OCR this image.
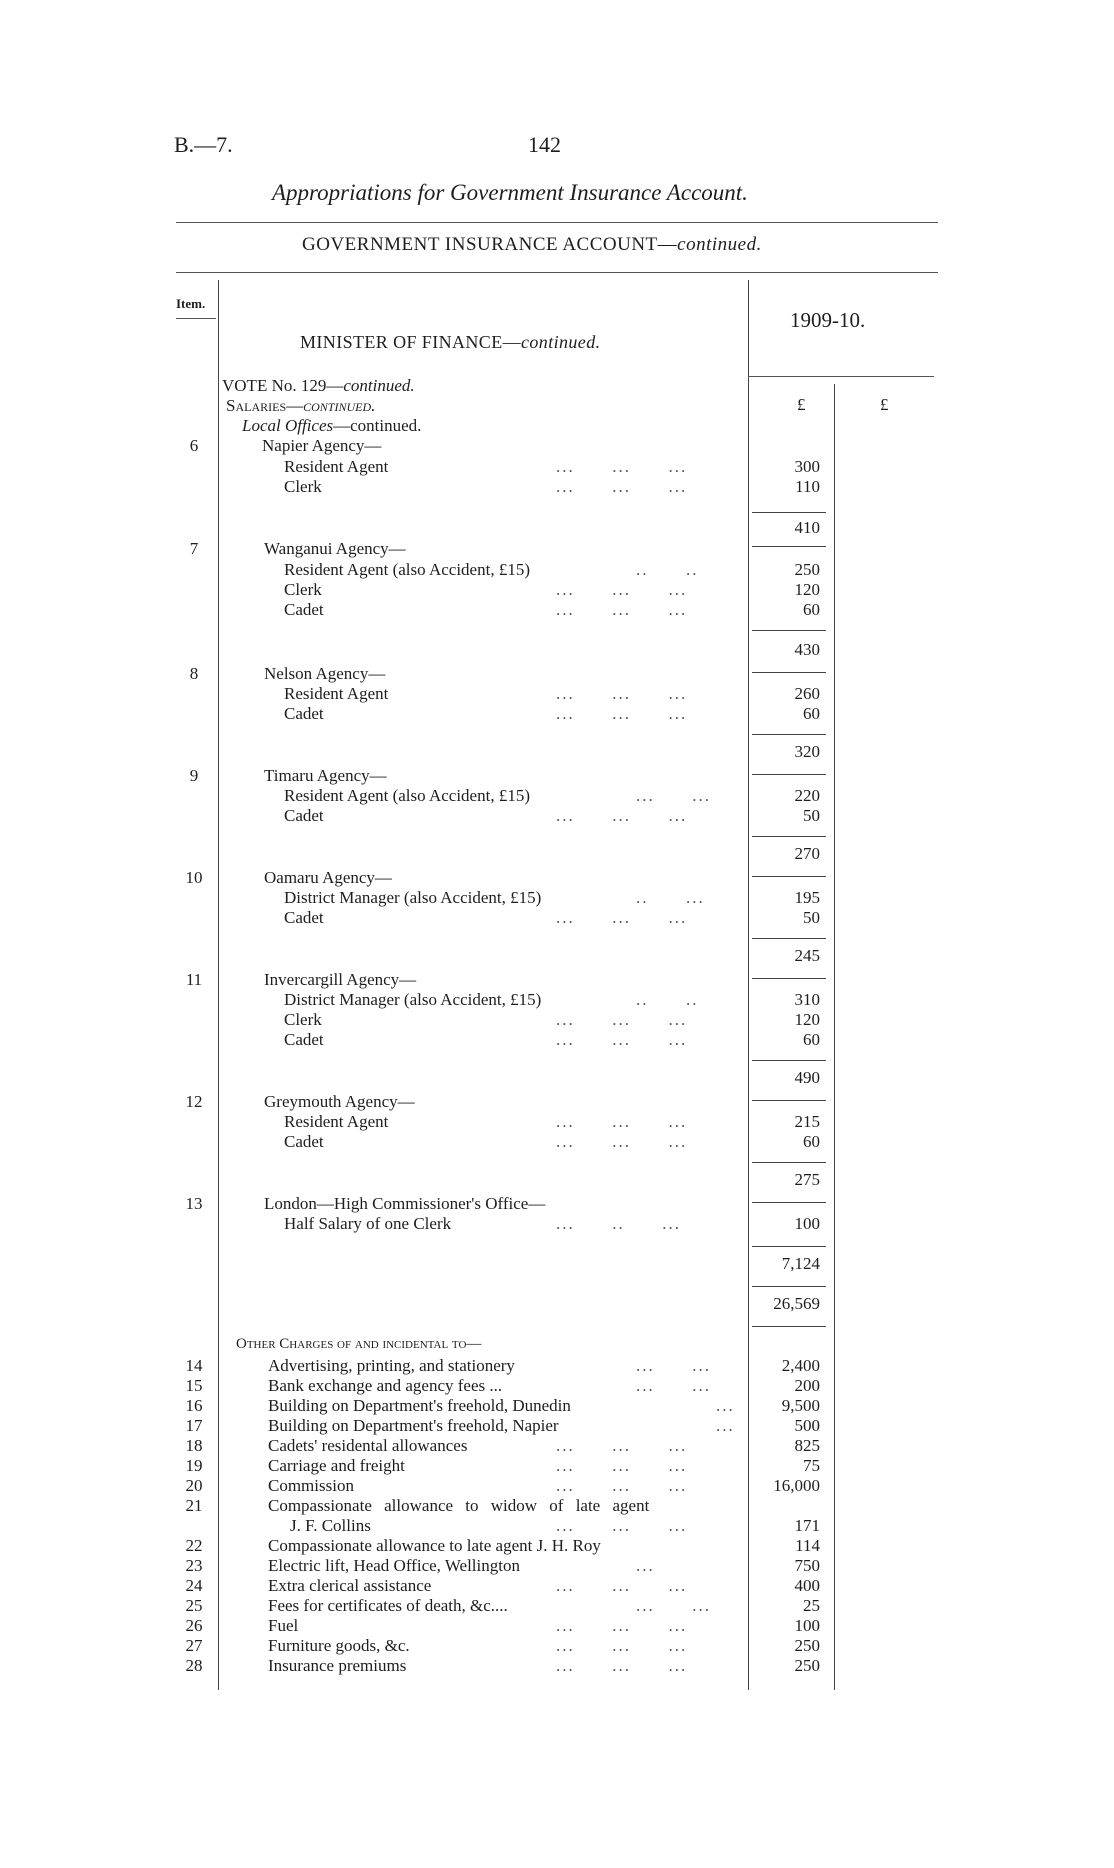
B.—7.	142
Appropriations for Government Insurance Account.
GOVERNMENT INSURANCE ACCOUNT—continued.
Item.
MINISTER OF FINANCE—continued.
1909-10.
£	£
VOTE No. 129—continued.
Salaries—continued.
Local Offices—continued.
6	Napier Agency—
Resident Agent	...      ...      ...	300
Clerk	...      ...      ...	110
410
7	Wanganui Agency—
Resident Agent (also Accident, £15)	..      ..	250
Clerk	...      ...      ...	120
Cadet	...      ...      ...	60
430
8	Nelson Agency—
Resident Agent	...      ...      ...	260
Cadet	...      ...      ...	60
320
9	Timaru Agency—
Resident Agent (also Accident, £15)	...      ...	220
Cadet	...      ...      ...	50
270
10	Oamaru Agency—
District Manager (also Accident, £15)	..      ...	195
Cadet	...      ...      ...	50
245
11	Invercargill Agency—
District Manager (also Accident, £15)	..      ..	310
Clerk	...      ...      ...	120
Cadet	...      ...      ...	60
490
12	Greymouth Agency—
Resident Agent	...      ...      ...	215
Cadet	...      ...      ...	60
275
13	London—High Commissioner's Office—
Half Salary of one Clerk	...      ..      ...	100
7,124
26,569
Other Charges of and incidental to—
14	Advertising, printing, and stationery	...      ...	2,400
15	Bank exchange and agency fees ...	...      ...	200
16	Building on Department's freehold, Dunedin	...	9,500
17	Building on Department's freehold, Napier	...	500
18	Cadets' residental allowances	...      ...      ...	825
19	Carriage and freight	...      ...      ...	75
20	Commission	...      ...      ...	16,000
21	Compassionate allowance to widow of late agent
J. F. Collins	...      ...      ...	171
22	Compassionate allowance to late agent J. H. Roy	114
23	Electric lift, Head Office, Wellington	...	750
24	Extra clerical assistance	...      ...      ...	400
25	Fees for certificates of death, &c....	...      ...	25
26	Fuel	...      ...      ...	100
27	Furniture goods, &c.	...      ...      ...	250
28	Insurance premiums	...      ...      ...	250
